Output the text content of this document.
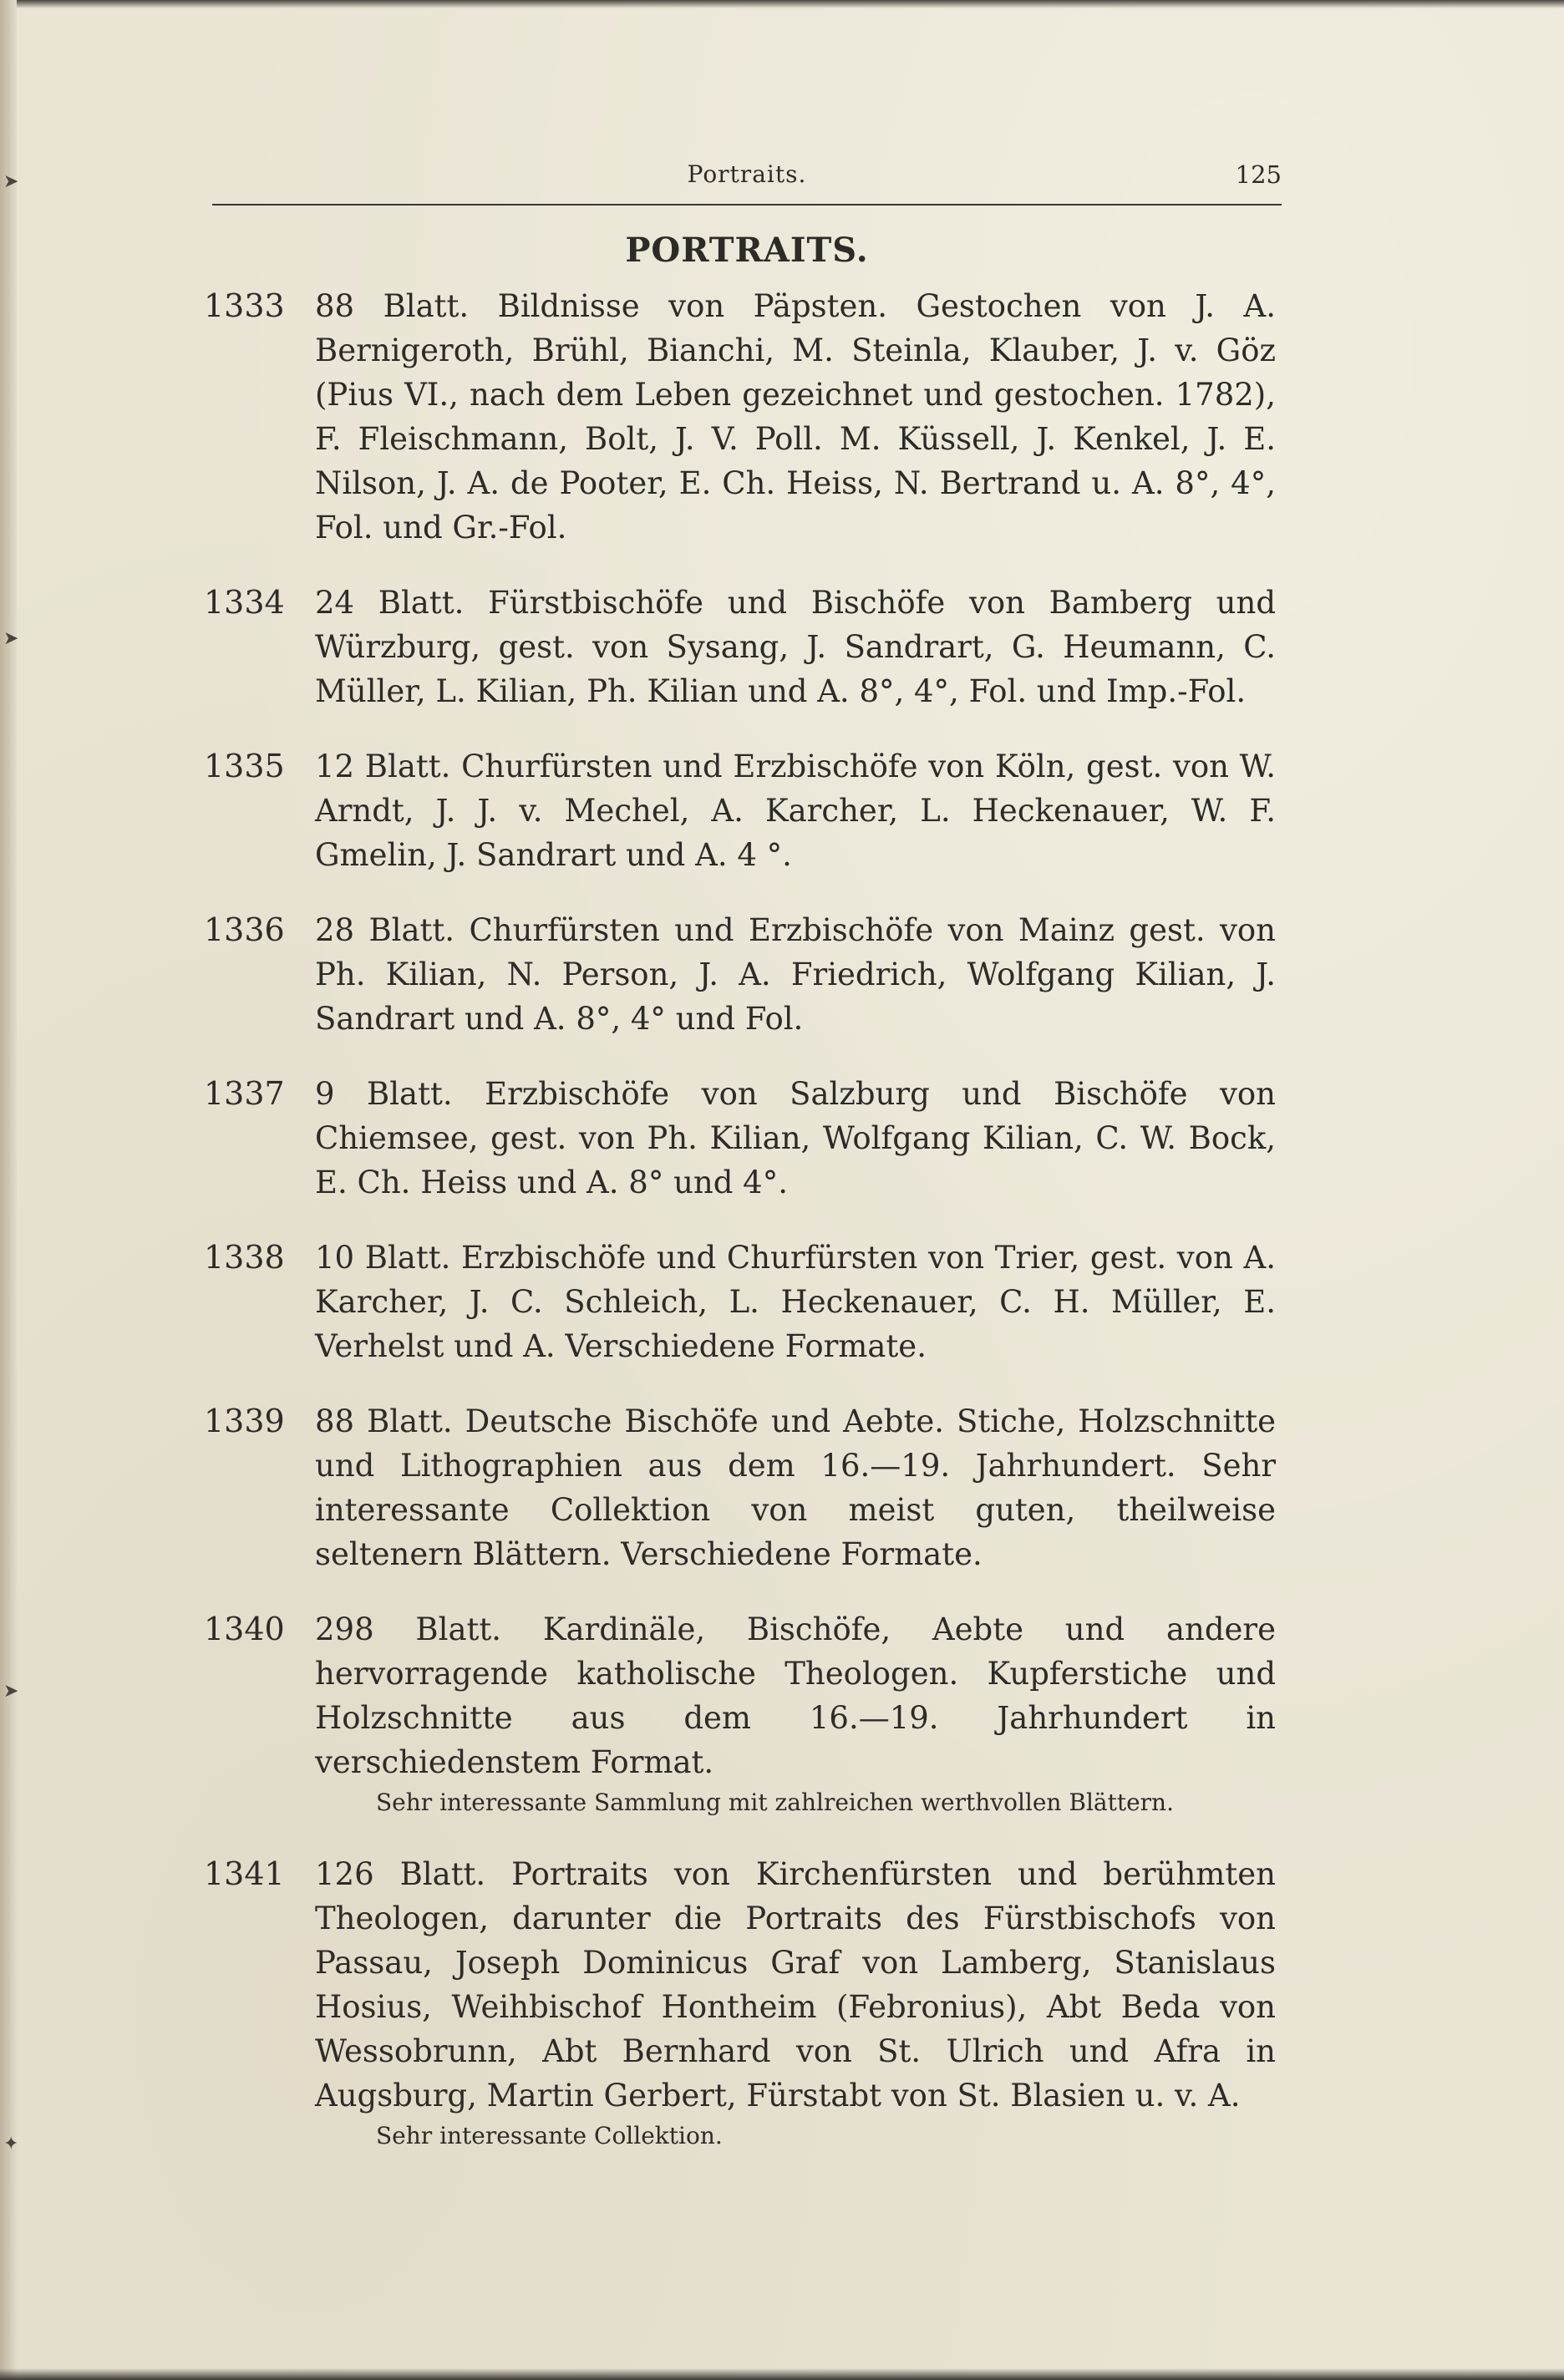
➤
➤
➤
✦
Portraits.	125
PORTRAITS.
1333 88 Blatt. Bildnisse von Päpsten. Gestochen von J. A. Bernigeroth, Brühl, Bianchi, M. Steinla, Klauber, J. v. Göz (Pius VI., nach dem Leben gezeichnet und gestochen. 1782), F. Fleischmann, Bolt, J. V. Poll. M. Küssell, J. Kenkel, J. E. Nilson, J. A. de Pooter, E. Ch. Heiss, N. Bertrand u. A. 8°, 4°, Fol. und Gr.-Fol.
1334 24 Blatt. Fürstbischöfe und Bischöfe von Bamberg und Würzburg, gest. von Sysang, J. Sandrart, G. Heumann, C. Müller, L. Kilian, Ph. Kilian und A. 8°, 4°, Fol. und Imp.-Fol.
1335 12 Blatt. Churfürsten und Erzbischöfe von Köln, gest. von W. Arndt, J. J. v. Mechel, A. Karcher, L. Heckenauer, W. F. Gmelin, J. Sandrart und A. 4 °.
1336 28 Blatt. Churfürsten und Erzbischöfe von Mainz gest. von Ph. Kilian, N. Person, J. A. Friedrich, Wolfgang Kilian, J. Sandrart und A. 8°, 4° und Fol.
1337 9 Blatt. Erzbischöfe von Salzburg und Bischöfe von Chiemsee, gest. von Ph. Kilian, Wolfgang Kilian, C. W. Bock, E. Ch. Heiss und A. 8° und 4°.
1338 10 Blatt. Erzbischöfe und Churfürsten von Trier, gest. von A. Karcher, J. C. Schleich, L. Heckenauer, C. H. Müller, E. Verhelst und A. Verschiedene Formate.
1339 88 Blatt. Deutsche Bischöfe und Aebte. Stiche, Holzschnitte und Lithographien aus dem 16.—19. Jahrhundert. Sehr interessante Collektion von meist guten, theilweise seltenern Blättern. Verschiedene Formate.
1340 298 Blatt. Kardinäle, Bischöfe, Aebte und andere hervorragende katholische Theologen. Kupferstiche und Holzschnitte aus dem 16.—19. Jahrhundert in verschiedenstem Format.
Sehr interessante Sammlung mit zahlreichen werthvollen Blättern.
1341 126 Blatt. Portraits von Kirchenfürsten und berühmten Theologen, darunter die Portraits des Fürstbischofs von Passau, Joseph Dominicus Graf von Lamberg, Stanislaus Hosius, Weihbischof Hontheim (Febronius), Abt Beda von Wessobrunn, Abt Bernhard von St. Ulrich und Afra in Augsburg, Martin Gerbert, Fürstabt von St. Blasien u. v. A.
Sehr interessante Collektion.
